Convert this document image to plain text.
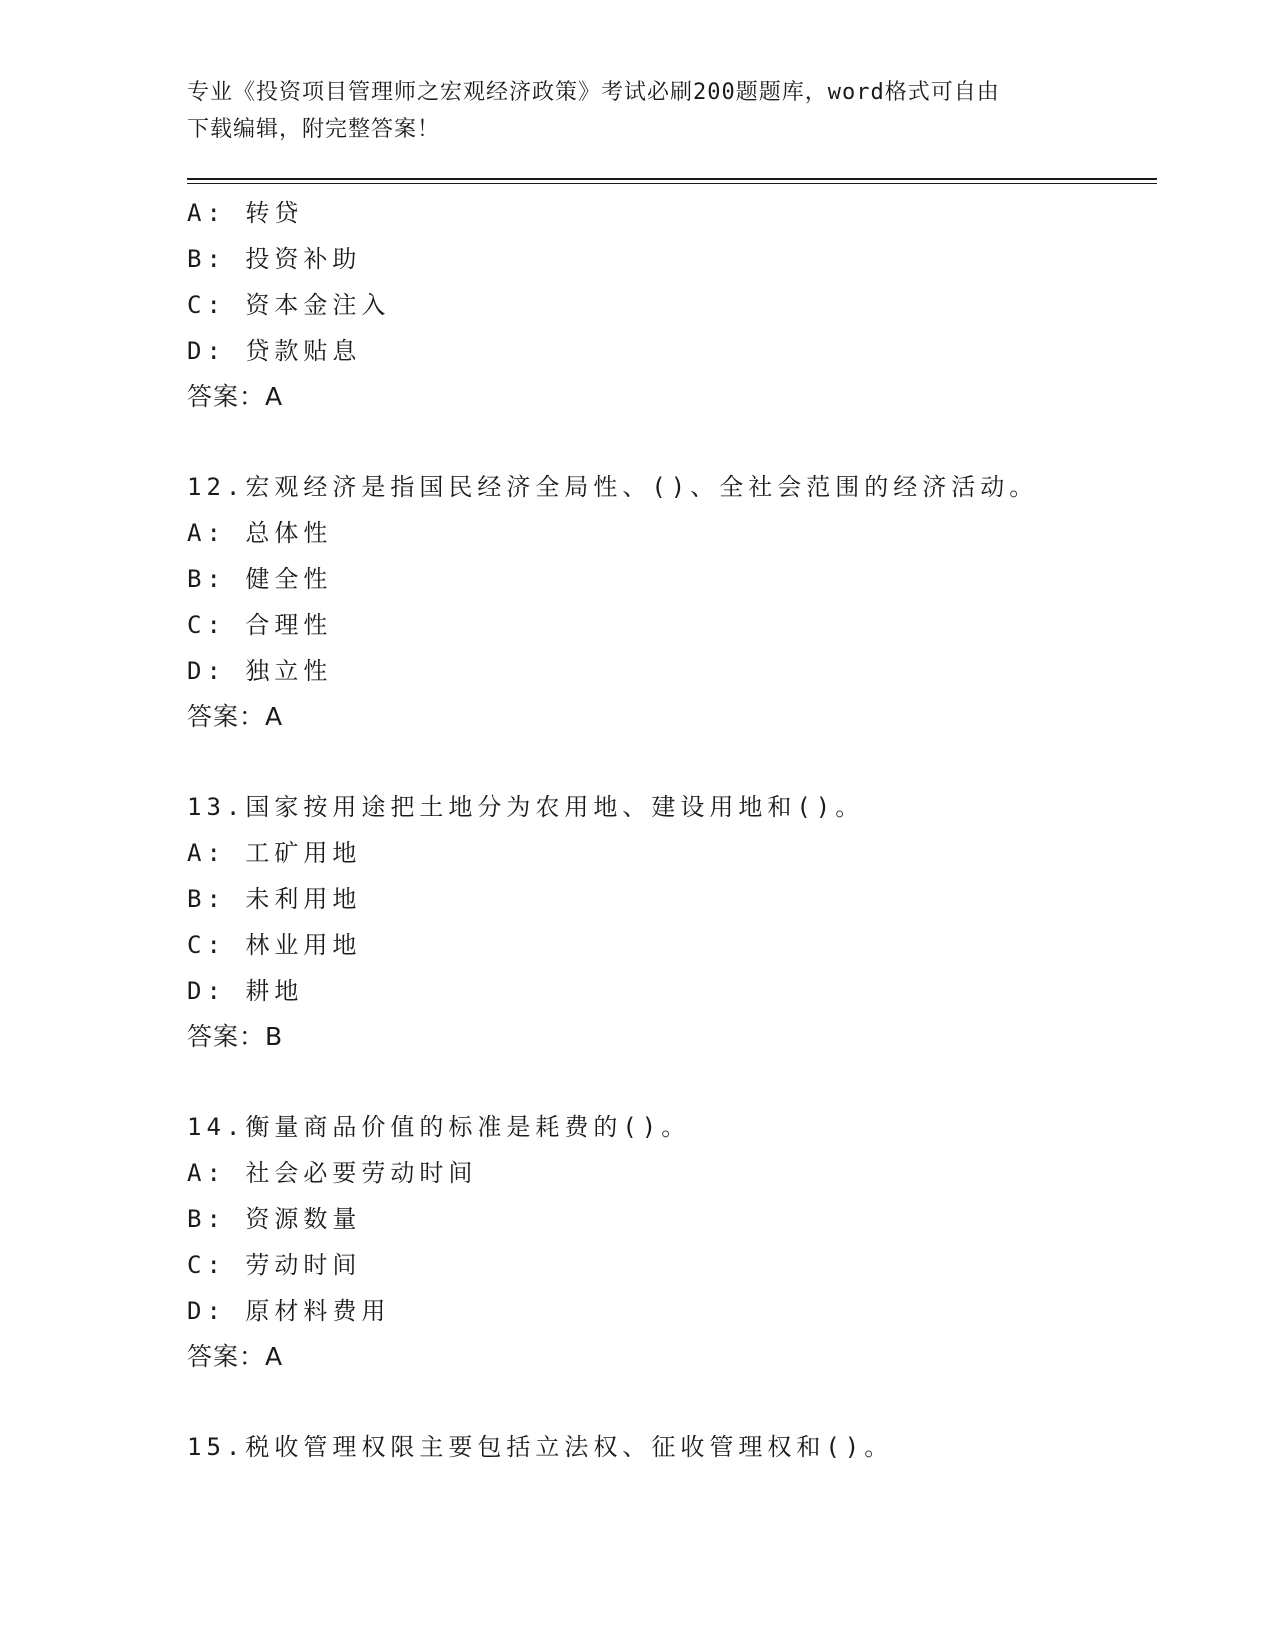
专业《投资项目管理师之宏观经济政策》考试必刷200题题库，word格式可自由
下载编辑，附完整答案！
A: 转贷
B: 投资补助
C: 资本金注入
D: 贷款贴息
答案：A
12.宏观经济是指国民经济全局性、()、全社会范围的经济活动。
A: 总体性
B: 健全性
C: 合理性
D: 独立性
答案：A
13.国家按用途把土地分为农用地、建设用地和()。
A: 工矿用地
B: 未利用地
C: 林业用地
D: 耕地
答案：B
14.衡量商品价值的标准是耗费的()。
A: 社会必要劳动时间
B: 资源数量
C: 劳动时间
D: 原材料费用
答案：A
15.税收管理权限主要包括立法权、征收管理权和()。
